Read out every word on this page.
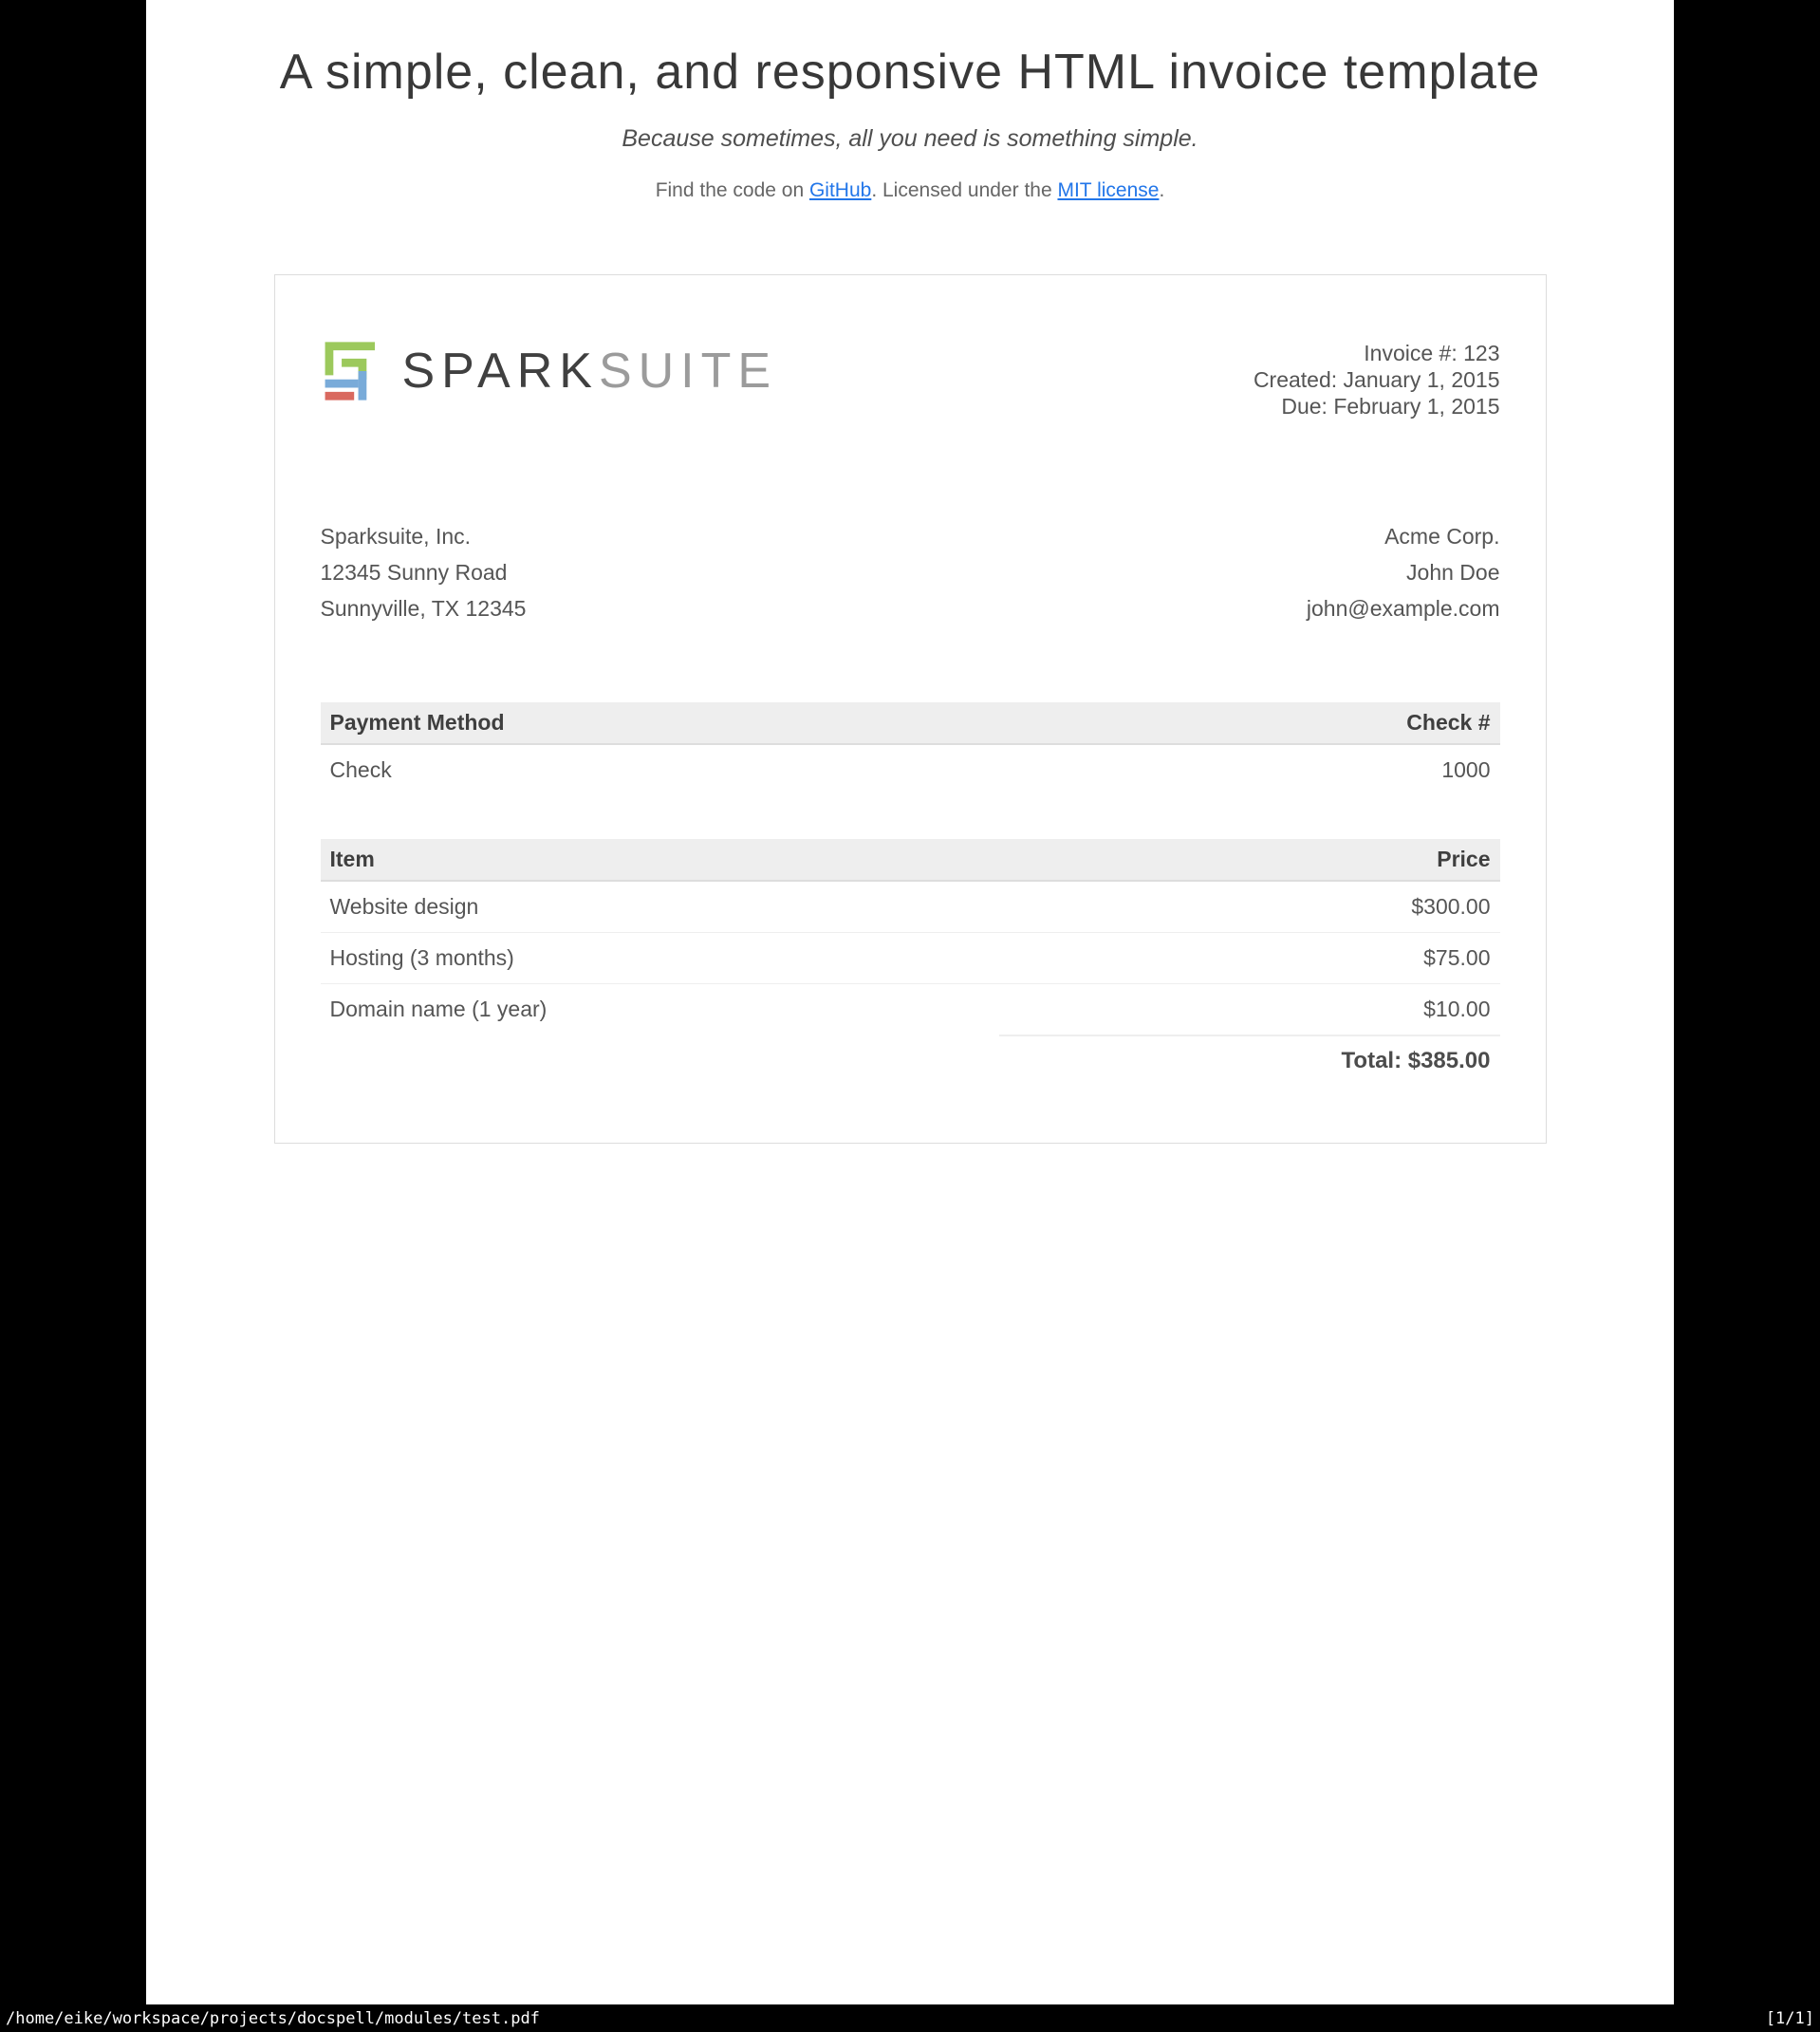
A simple, clean, and responsive HTML invoice template

Because sometimes, all you need is something simple.

Find the code on GitHub. Licensed under the MIT license.

SPARKSUITE	Invoice #: 123
Created: January 1, 2015
Due: February 1, 2015
Sparksuite, Inc.
12345 Sunny Road
Sunnyville, TX 12345
Acme Corp.
John Doe
john@example.com
Payment Method	Check #
Check	1000
Item	Price
Website design	$300.00
Hosting (3 months)	$75.00
Domain name (1 year)	$10.00
Total: $385.00
/home/eike/workspace/projects/docspell/modules/test.pdf	[1/1]
